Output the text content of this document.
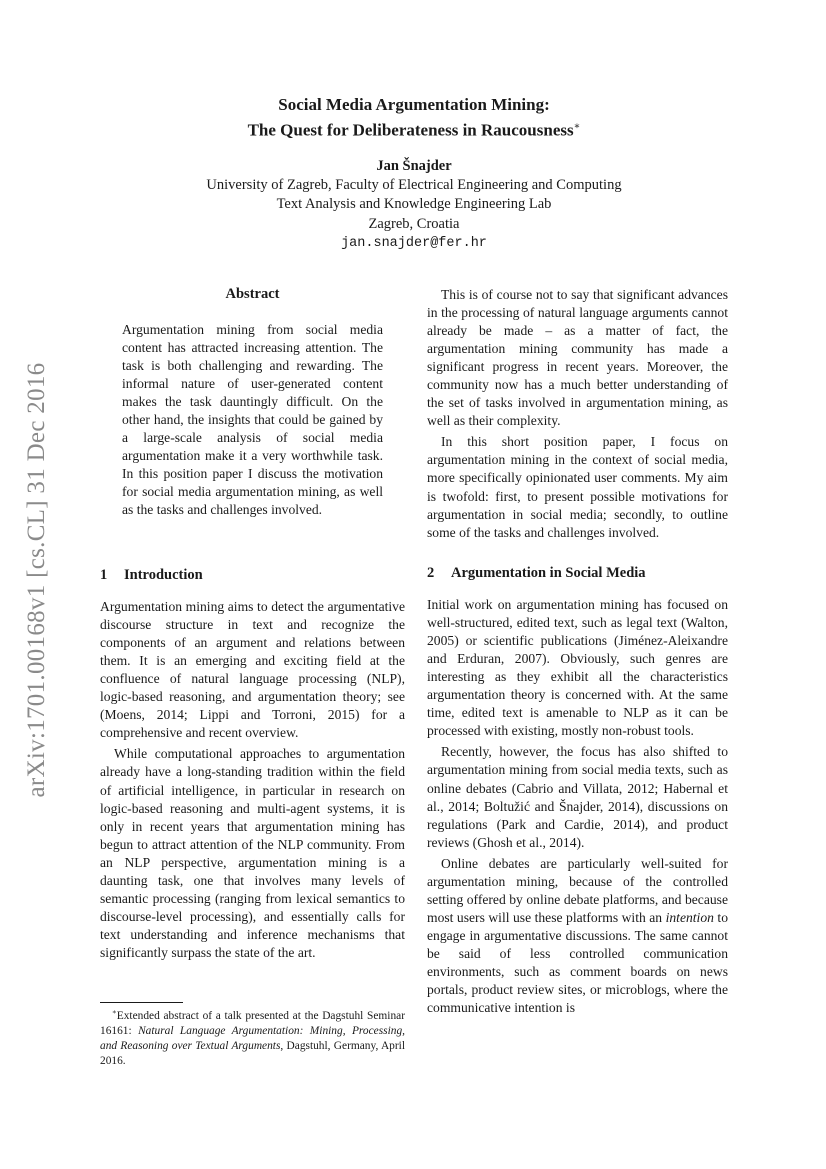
arXiv:1701.00168v1 [cs.CL] 31 Dec 2016
Social Media Argumentation Mining:
The Quest for Deliberateness in Raucousness∗
Jan Šnajder
University of Zagreb, Faculty of Electrical Engineering and Computing
Text Analysis and Knowledge Engineering Lab
Zagreb, Croatia
jan.snajder@fer.hr
Abstract
Argumentation mining from social media content has attracted increasing attention. The task is both challenging and rewarding. The informal nature of user-generated content makes the task dauntingly difficult. On the other hand, the insights that could be gained by a large-scale analysis of social media argumentation make it a very worthwhile task. In this position paper I discuss the motivation for social media argumentation mining, as well as the tasks and challenges involved.
1 Introduction

Argumentation mining aims to detect the argumentative discourse structure in text and recognize the components of an argument and relations between them. It is an emerging and exciting field at the confluence of natural language processing (NLP), logic-based reasoning, and argumentation theory; see (Moens, 2014; Lippi and Torroni, 2015) for a comprehensive and recent overview.

While computational approaches to argumentation already have a long-standing tradition within the field of artificial intelligence, in particular in research on logic-based reasoning and multi-agent systems, it is only in recent years that argumentation mining has begun to attract attention of the NLP community. From an NLP perspective, argumentation mining is a daunting task, one that involves many levels of semantic processing (ranging from lexical semantics to discourse-level processing), and essentially calls for text understanding and inference mechanisms that significantly surpass the state of the art.

∗Extended abstract of a talk presented at the Dagstuhl Seminar 16161: Natural Language Argumentation: Mining, Processing, and Reasoning over Textual Arguments, Dagstuhl, Germany, April 2016.

This is of course not to say that significant advances in the processing of natural language arguments cannot already be made – as a matter of fact, the argumentation mining community has made a significant progress in recent years. Moreover, the community now has a much better understanding of the set of tasks involved in argumentation mining, as well as their complexity.

In this short position paper, I focus on argumentation mining in the context of social media, more specifically opinionated user comments. My aim is twofold: first, to present possible motivations for argumentation in social media; secondly, to outline some of the tasks and challenges involved.

2 Argumentation in Social Media

Initial work on argumentation mining has focused on well-structured, edited text, such as legal text (Walton, 2005) or scientific publications (Jiménez-Aleixandre and Erduran, 2007). Obviously, such genres are interesting as they exhibit all the characteristics argumentation theory is concerned with. At the same time, edited text is amenable to NLP as it can be processed with existing, mostly non-robust tools.

Recently, however, the focus has also shifted to argumentation mining from social media texts, such as online debates (Cabrio and Villata, 2012; Habernal et al., 2014; Boltužić and Šnajder, 2014), discussions on regulations (Park and Cardie, 2014), and product reviews (Ghosh et al., 2014).

Online debates are particularly well-suited for argumentation mining, because of the controlled setting offered by online debate platforms, and because most users will use these platforms with an intention to engage in argumentative discussions. The same cannot be said of less controlled communication environments, such as comment boards on news portals, product review sites, or microblogs, where the communicative intention is
